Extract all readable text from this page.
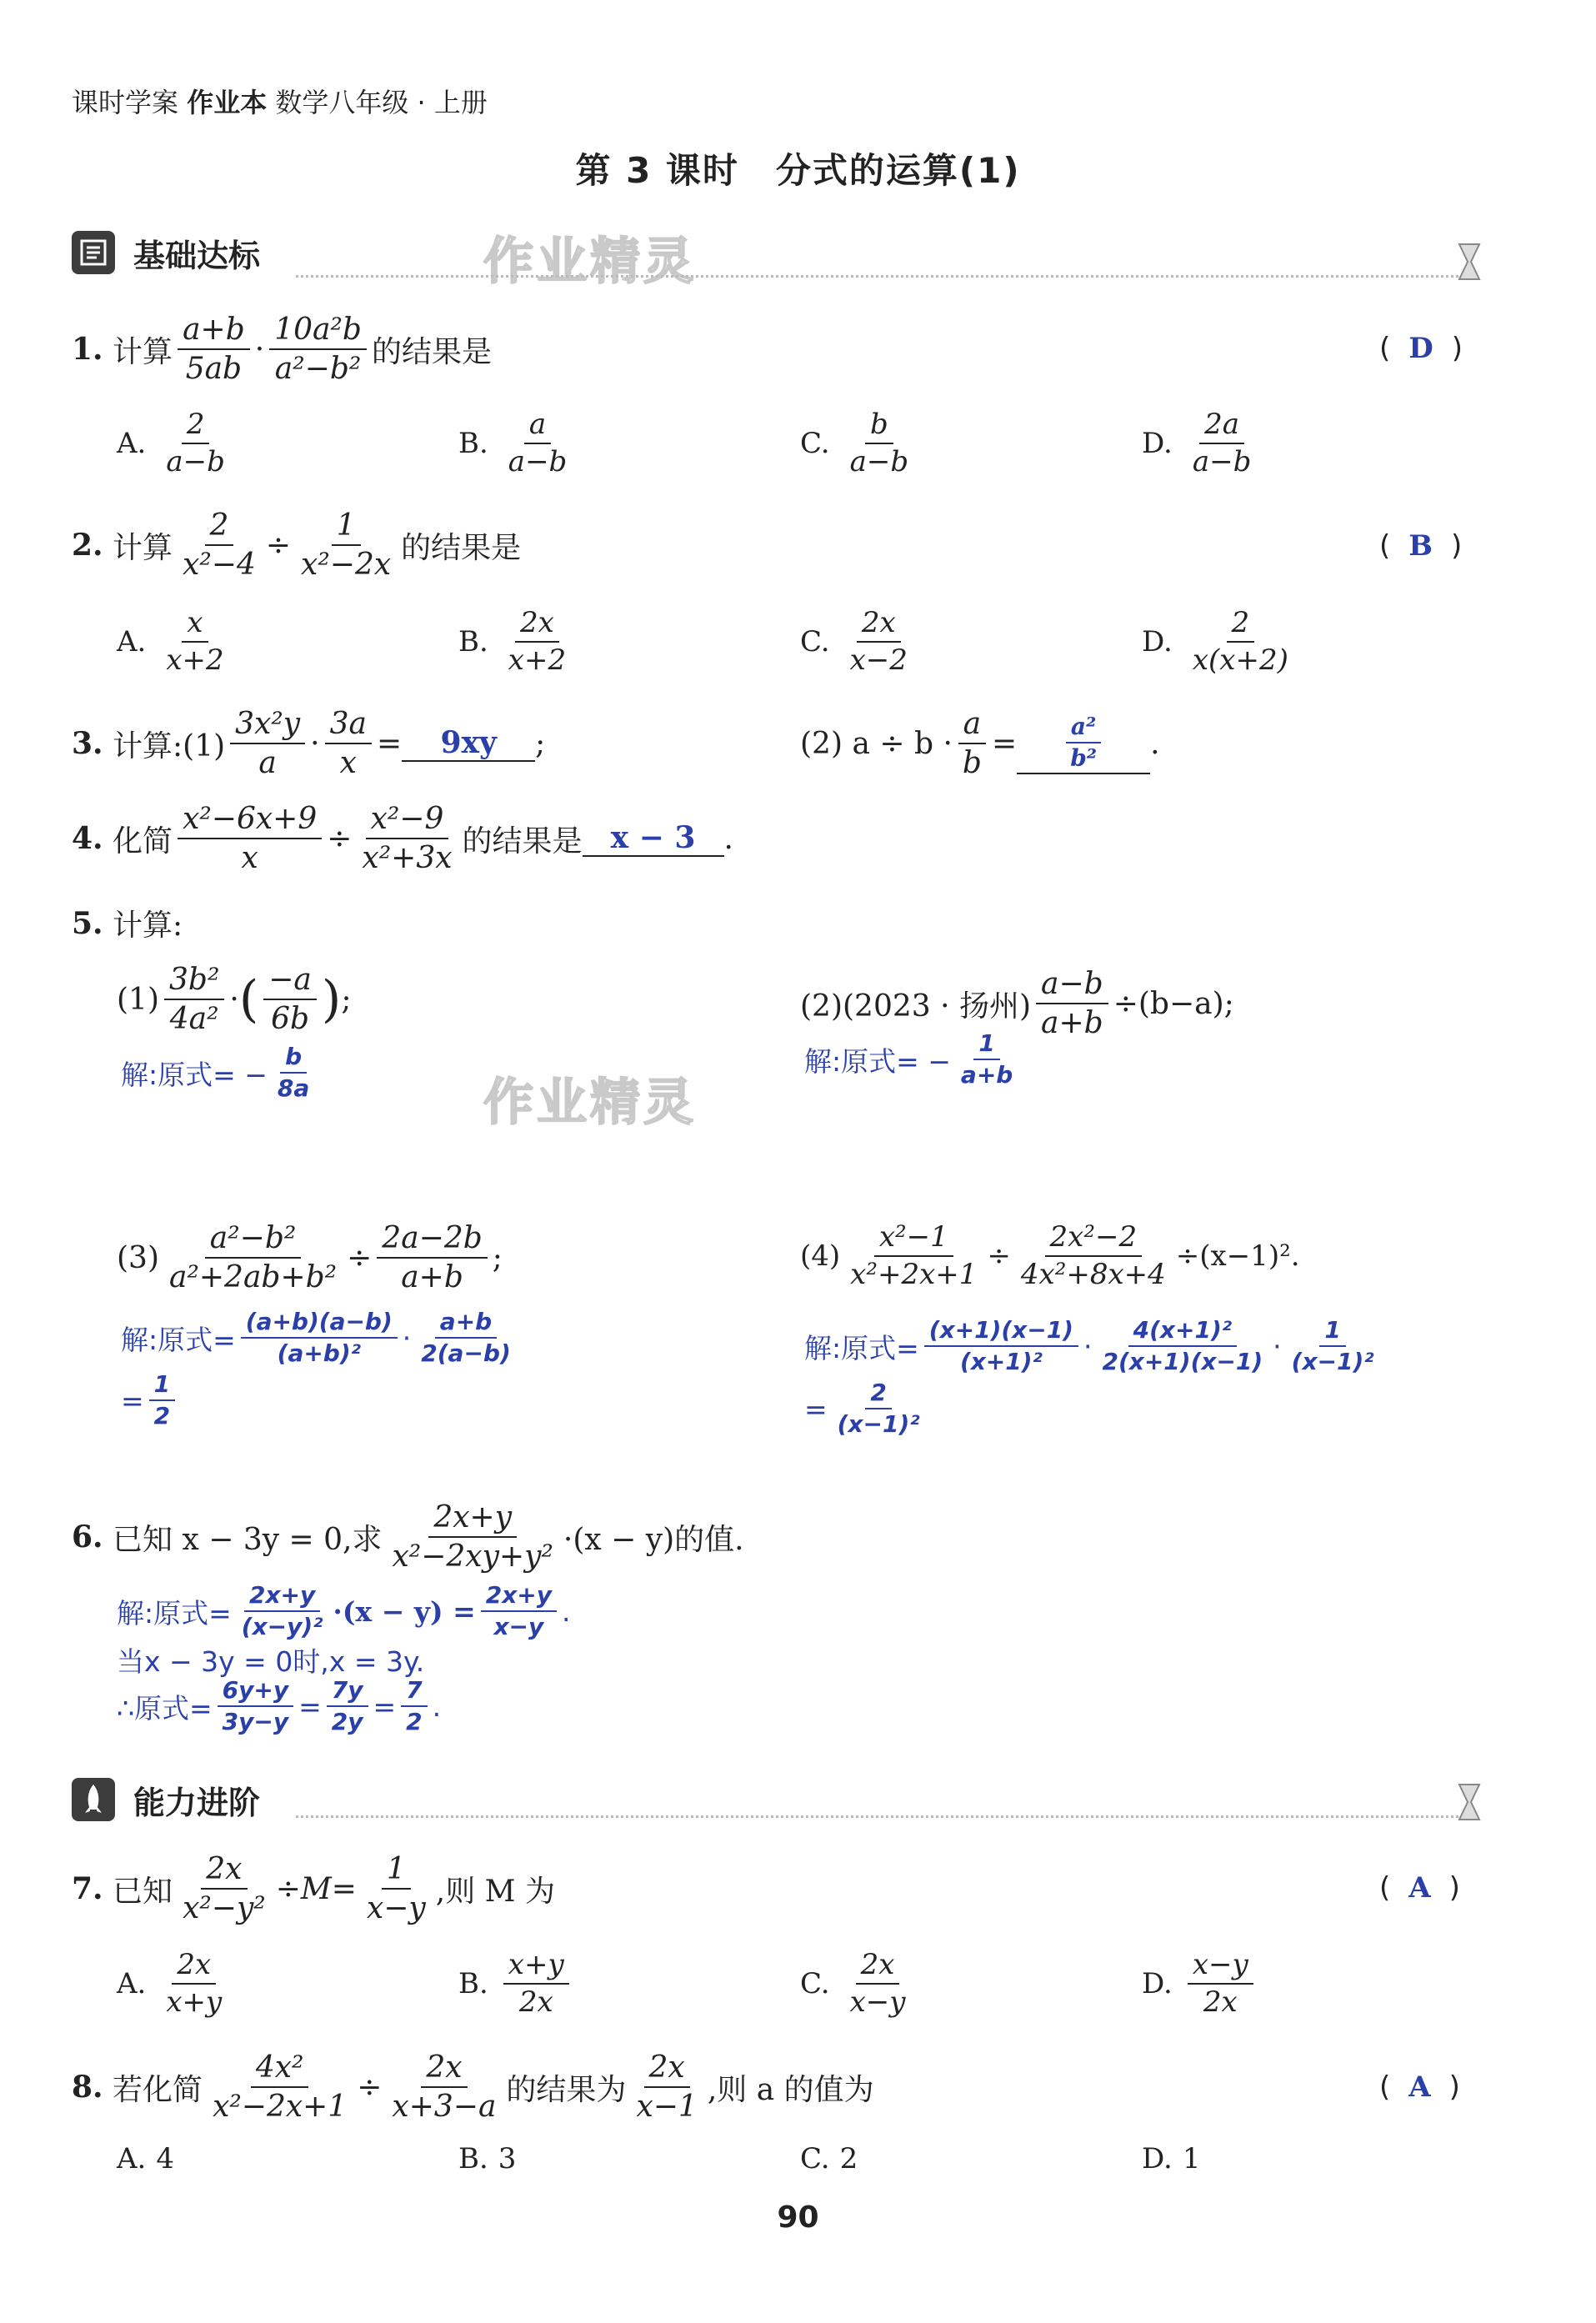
课时学案 作业本 数学八年级 · 上册
第 3 课时　分式的运算(1)
基础达标	作业精灵
1.
计算 $\frac{a+b}{5ab} \cdot \frac{\text{10a²b}}{\text{a²−b²}}$ 的结果是	( D )
A. $\frac{2}{a-b}$	B. $\frac{a}{a-b}$	C. $\frac{b}{a-b}$	D. $\frac{2a}{a-b}$
2.
计算 $\frac{2}{\text{x²−4}} \div \frac{1}{\text{x²−2x}}$ 的结果是	( B )
A. $\frac{x}{x+2}$	B. $\frac{2x}{x+2}$	C. $\frac{2x}{x-2}$	D. $\frac{2}{x(x+2)}$
3.
计算:(1) $\frac{\text{3x²y}}{a} \cdot \frac{3a}{x}$ =	9xy	;	(2) $a \div b \cdot \frac{a}{b} = \frac{\text{a²}}{\text{b²}}$ .
4.
化简 $\frac{\text{x²−6x+9}}{x} \div \frac{\text{x²−9}}{\text{x²+3x}}$ 的结果是 x − 3 .
5.
计算:
$(1) \frac{\text{3b²}}{\text{4a²}}$ · ( $\frac{-a}{6b}$ ) ;
解:原式= − $\frac{b}{8a}$
(2)(2023 · 扬州) $\frac{a-b}{a+b} \div(b-a)$;
解:原式= − $\frac{1}{a+b}$
作业精灵
$(3) \frac{\text{a²−b²}}{\text{a²+2ab+b²}} \div \frac{2a-2b}{a+b}$ ;
解:原式= $\frac{(a+b)(a-b)}{\text{(a+b)²}} \cdot \frac{a+b}{2(a-b)}$
= $\frac{1}{2}$
$(4) \frac{\text{x²−1}}{\text{x²+2x+1}} \div \frac{\text{2x²−2}}{\text{4x²+8x+4}} \div(x-1)^2$.
解:原式= $\frac{(x+1)(x-1)}{\text{(x+1)²}} \cdot \frac{\text{4(x+1)²}}{2(x+1)(x-1)} \cdot \frac{1}{\text{(x−1)²}}$
= $\frac{2}{\text{(x−1)²}}$
6.
已知 x − 3y = 0,求 $\frac{2x+y}{\text{x²−2xy+y²}} \cdot(x - y)$的值.
解:原式= $\frac{2x+y}{\text{(x−y)²}} \cdot(x - y) = \frac{2x+y}{x-y}$ .
当x − 3y = 0时,x = 3y.
∴原式= $\frac{6y+y}{3y-y} = \frac{7y}{2y} = \frac{7}{2}$ .
能力进阶
7.
已知 $\frac{2x}{\text{x²−y²}} \div M= \frac{1}{x-y}$ ,则 M 为	( A )
A. $\frac{2x}{x+y}$	B. $\frac{x+y}{2x}$	C. $\frac{2x}{x-y}$	D. $\frac{x-y}{2x}$
8.
若化简 $\frac{\text{4x²}}{\text{x²−2x+1}} \div \frac{2x}{x+3-a}$ 的结果为 $\frac{2x}{x-1}$ ,则 a 的值为	( A )
A. 4	B. 3	C. 2	D. 1
90
